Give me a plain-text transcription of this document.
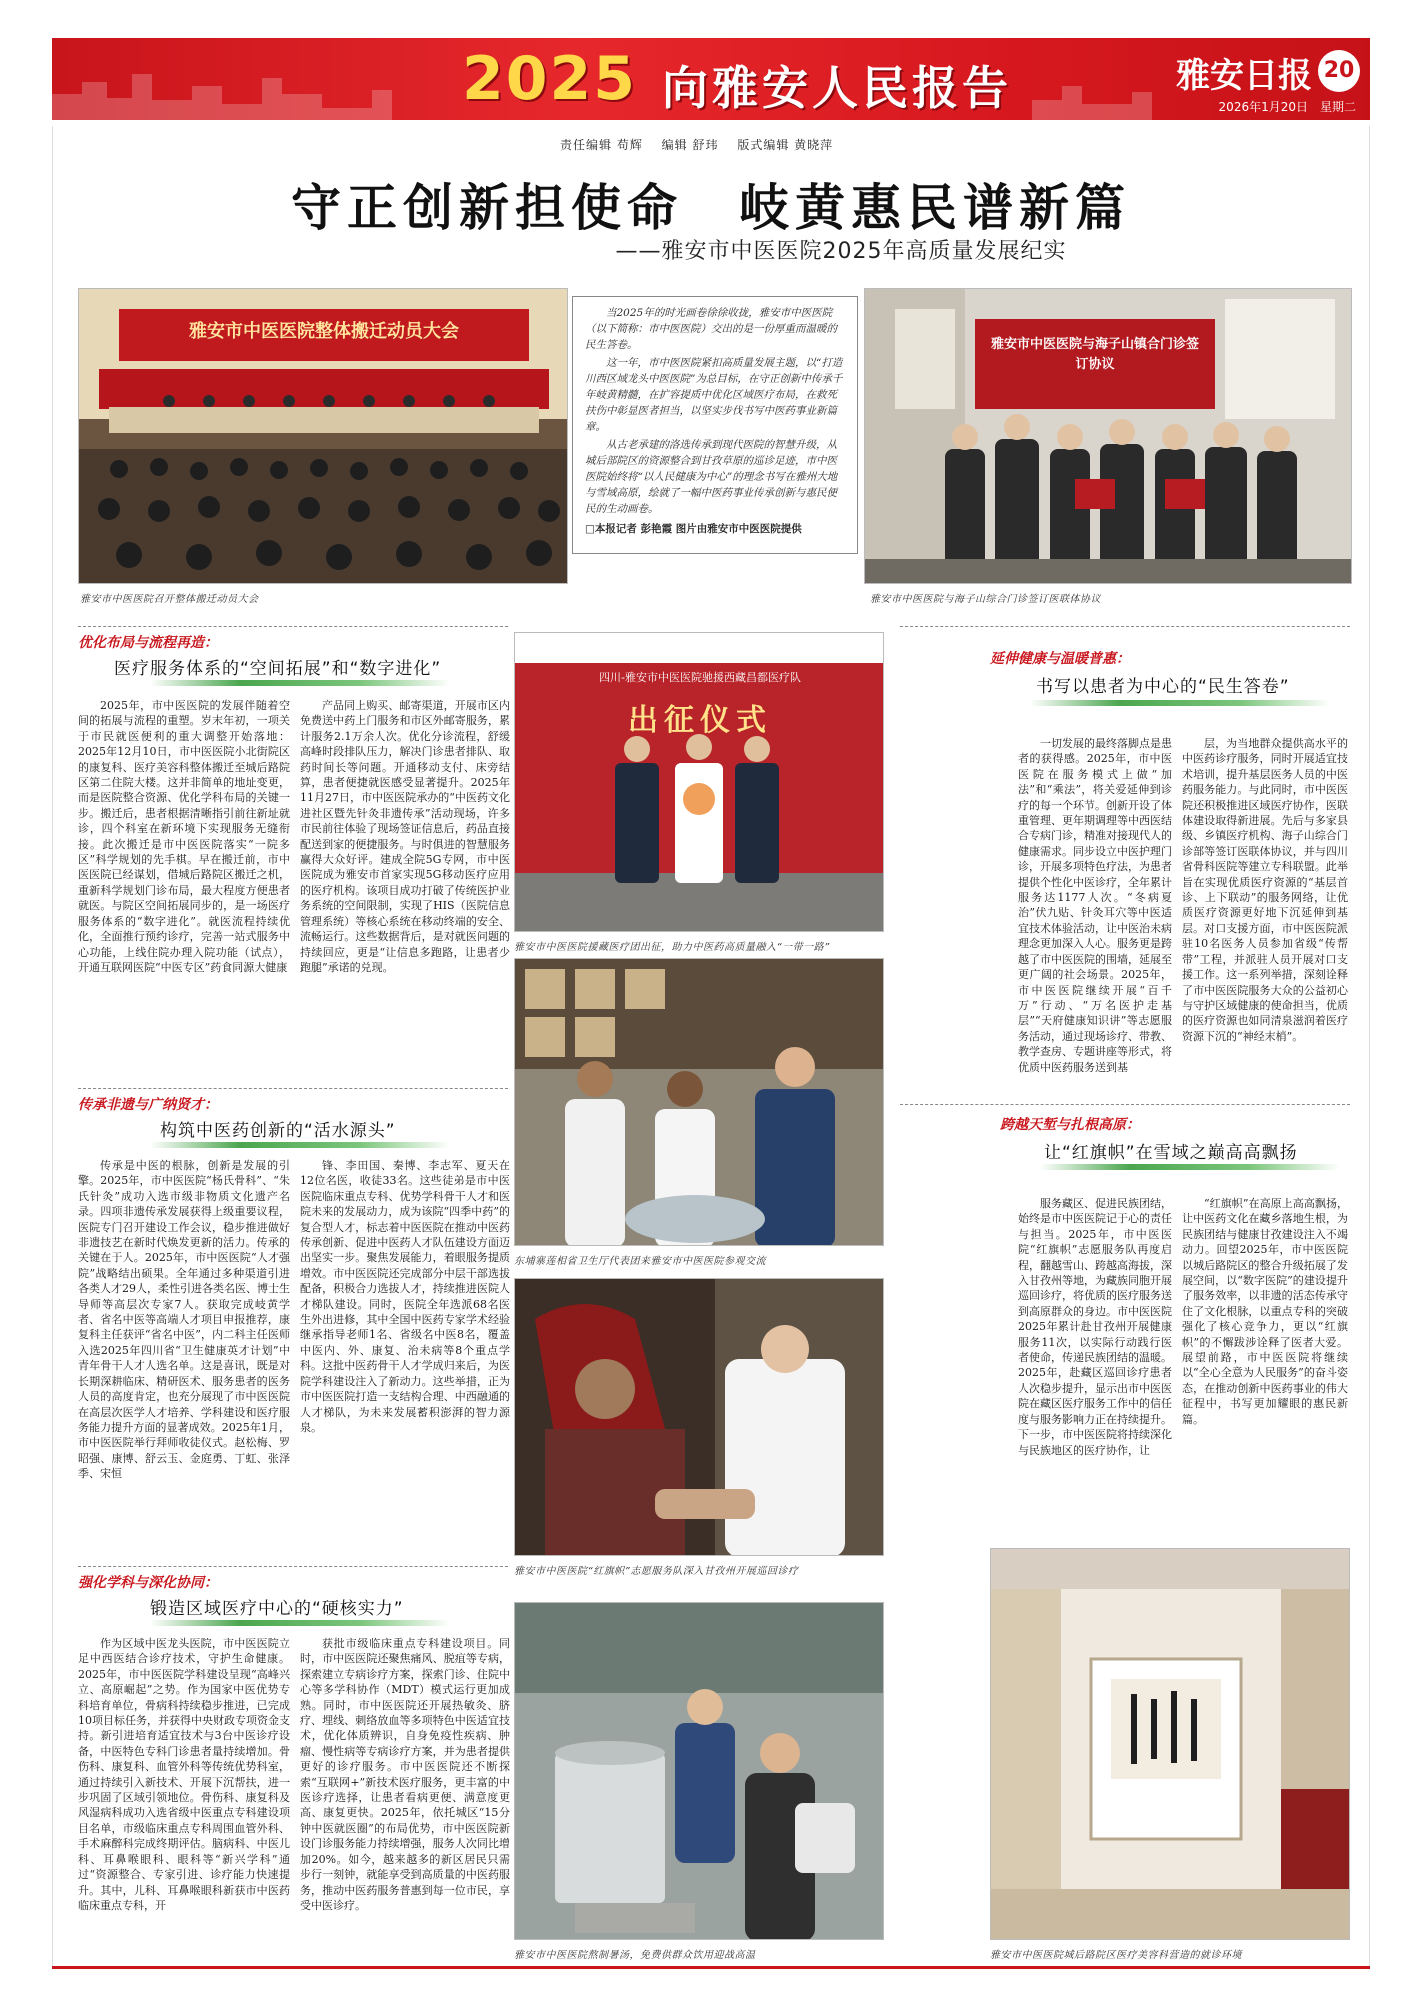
2025 向雅安人民报告	雅安日报 20
2026年1月20日　星期二
责任编辑 苟辉 编辑 舒玮 版式编辑 黄晓萍
守正创新担使命　岐黄惠民谱新篇
——雅安市中医医院2025年高质量发展纪实
雅安市中医医院整体搬迁动员大会
雅安市中医医院召开整体搬迁动员大会

当2025年的时光画卷徐徐收拢，雅安市中医医院（以下简称：市中医医院）交出的是一份厚重而温暖的民生答卷。

这一年，市中医医院紧扣高质量发展主题，以“打造川西区域龙头中医医院”为总目标，在守正创新中传承千年岐黄精髓，在扩容提质中优化区域医疗布局，在救死扶伤中彰显医者担当，以坚实步伐书写中医药事业新篇章。

从古老承建的洛选传承到现代医院的智慧升级，从城后部院区的资源整合到甘孜草原的巡诊足迹，市中医医院始终将“以人民健康为中心”的理念书写在雅州大地与雪域高原，绘就了一幅中医药事业传承创新与惠民便民的生动画卷。

□本报记者 彭艳霞 图片由雅安市中医医院提供
雅安市中医医院与海子山镇合门诊签订协议
雅安市中医医院与海子山综合门诊签订医联体协议
优化布局与流程再造：
医疗服务体系的“空间拓展”和“数字进化”

2025年，市中医医院的发展伴随着空间的拓展与流程的重塑。岁末年初，一项关于市民就医便利的重大调整开始落地：2025年12月10日，市中医医院小北街院区的康复科、医疗美容科整体搬迁至城后路院区第二住院大楼。这并非简单的地址变更，而是医院整合资源、优化学科布局的关键一步。搬迁后，患者根据清晰指引前往新址就诊，四个科室在新环境下实现服务无缝衔接。此次搬迁是市中医医院落实“一院多区”科学规划的先手棋。早在搬迁前，市中医医院已经谋划，借城后路院区搬迁之机，重新科学规划门诊布局，最大程度方便患者就医。与院区空间拓展同步的，是一场医疗服务体系的“数字进化”。就医流程持续优化，全面推行预约诊疗，完善一站式服务中心功能，上线住院办理入院功能（试点），开通互联网医院“中医专区”药食同源大健康

产品同上购买、邮寄渠道，开展市区内免费送中药上门服务和市区外邮寄服务，累计服务2.1万余人次。优化分诊流程，舒缓高峰时段排队压力，解决门诊患者排队、取药时间长等问题。开通移动支付、床旁结算，患者便捷就医感受显著提升。2025年11月27日，市中医医院承办的“中医药文化进社区暨先针灸非遗传承”活动现场，许多市民前往体验了现场签证信息后，药品直接配送到家的便捷服务。与时俱进的智慧服务赢得大众好评。建成全院5G专网，市中医医院成为雅安市首家实现5G移动医疗应用的医疗机构。该项目成功打破了传统医护业务系统的空间限制，实现了HIS（医院信息管理系统）等核心系统在移动终端的安全、流畅运行。这些数据背后，是对就医问题的持续回应，更是“让信息多跑路，让患者少跑腿”承诺的兑现。

传承非遗与广纳贤才：
构筑中医药创新的“活水源头”

传承是中医的根脉，创新是发展的引擎。2025年，市中医医院“杨氏骨科”、“朱氏针灸”成功入选市级非物质文化遗产名录。四项非遗传承发展获得上级重要议程，医院专门召开建设工作会议，稳步推进做好非遗技艺在新时代焕发更新的活力。传承的关键在于人。2025年，市中医医院“人才强院”战略结出硕果。全年通过多种渠道引进各类人才29人，柔性引进各类名医、博士生导师等高层次专家7人。获取完成岐黄学者、省名中医等高端人才项目申报推荐，康复科主任获评“省名中医”，内二科主任医师入选2025年四川省“卫生健康英才计划”中青年骨干人才人选名单。这是喜讯，既是对长期深耕临床、精研医术、服务患者的医务人员的高度肯定，也充分展现了市中医医院在高层次医学人才培养、学科建设和医疗服务能力提升方面的显著成效。2025年1月，市中医医院举行拜师收徒仪式。赵松梅、罗昭强、康博、舒云玉、金庭勇、丁虹、张泽季、宋恒

锋、李田国、秦博、李志军、夏天在12位名医，收徒33名。这些徒弟是市中医医院临床重点专科、优势学科骨干人才和医院未来的发展动力，成为该院“四季中药”的复合型人才，标志着中医医院在推动中医药传承创新、促进中医药人才队伍建设方面迈出坚实一步。聚焦发展能力，着眼服务提质增效。市中医医院还完成部分中层干部选拔配备，积极合力选拔人才，持续推进医院人才梯队建设。同时，医院全年选派68名医生外出进修，其中全国中医药专家学术经验继承指导老师1名、省级名中医8名，覆盖中医内、外、康复、治未病等8个重点学科。这批中医药骨干人才学成归来后，为医院学科建设注入了新动力。这些举措，正为市中医医院打造一支结构合理、中西融通的人才梯队，为未来发展蓄积澎湃的智力源泉。

强化学科与深化协同：
锻造区域医疗中心的“硬核实力”

作为区域中医龙头医院，市中医医院立足中西医结合诊疗技术，守护生命健康。2025年，市中医医院学科建设呈现“高峰兴立、高原崛起”之势。作为国家中医优势专科培育单位，骨病科持续稳步推进，已完成10项目标任务，并获得中央财政专项资金支持。新引进培育适宜技术与3台中医诊疗设备，中医特色专科门诊患者量持续增加。骨伤科、康复科、血管外科等传统优势科室，通过持续引入新技术、开展下沉帮扶，进一步巩固了区域引领地位。骨伤科、康复科及风湿病科成功入选省级中医重点专科建设项目名单，市级临床重点专科周围血管外科、手术麻醉科完成终期评估。脑病科、中医儿科、耳鼻喉眼科、眼科等“新兴学科”通过“资源整合、专家引进、诊疗能力快速提升。其中，儿科、耳鼻喉眼科新获市中医药临床重点专科，开

获批市级临床重点专科建设项目。同时，市中医医院还聚焦痛风、脱疽等专病，探索建立专病诊疗方案，探索门诊、住院中心等多学科协作（MDT）模式运行更加成熟。同时，市中医医院还开展热敏灸、脐疗、埋线、刺络放血等多项特色中医适宜技术，优化体质辨识，自身免疫性疾病、肿瘤、慢性病等专病诊疗方案，并为患者提供更好的诊疗服务。市中医医院还不断探索“互联网+”新技术医疗服务，更丰富的中医诊疗选择，让患者看病更便、满意度更高、康复更快。2025年，依托城区“15分钟中医就医圈”的布局优势，市中医医院新设门诊服务能力持续增强，服务人次同比增加20%。如今，越来越多的新区居民只需步行一刻钟，就能享受到高质量的中医药服务，推动中医药服务普惠到每一位市民，享受中医诊疗。

四川-雅安市中医医院驰援西藏昌都医疗队
出征仪式
雅安市中医医院援藏医疗团出征，助力中医药高质量融入“一带一路”
东埔寨莲相省卫生厅代表团来雅安市中医医院参观交流
雅安市中医医院“红旗帜”志愿服务队深入甘孜州开展巡回诊疗
雅安市中医医院熬制暑汤，免费供群众饮用迎战高温
延伸健康与温暖普惠：
书写以患者为中心的“民生答卷”

一切发展的最终落脚点是患者的获得感。2025年，市中医医院在服务模式上做“加法”和“乘法”，将关爱延伸到诊疗的每一个环节。创新开设了体重管理、更年期调理等中西医结合专病门诊，精准对接现代人的健康需求。同步设立中医护理门诊，开展多项特色疗法，为患者提供个性化中医诊疗，全年累计服务达1177人次。“冬病夏治”伏九贴、针灸耳穴等中医适宜技术体验活动，让中医治未病理念更加深入人心。服务更是跨越了市中医医院的围墙，延展至更广阔的社会场景。2025年，市中医医院继续开展“百千万”行动、“万名医护走基层”“天府健康知识讲”等志愿服务活动，通过现场诊疗、带教、教学查房、专题讲座等形式，将优质中医药服务送到基

层，为当地群众提供高水平的中医药诊疗服务，同时开展适宜技术培训，提升基层医务人员的中医药服务能力。与此同时，市中医医院还积极推进区域医疗协作，医联体建设取得新进展。先后与多家县级、乡镇医疗机构、海子山综合门诊部等签订医联体协议，并与四川省骨科医院等建立专科联盟。此举旨在实现优质医疗资源的“基层首诊、上下联动”的服务网络，让优质医疗资源更好地下沉延伸到基层。对口支援方面，市中医医院派驻10名医务人员参加省级“传帮带”工程，并派驻人员开展对口支援工作。这一系列举措，深刻诠释了市中医医院服务大众的公益初心与守护区域健康的使命担当，优质的医疗资源也如同清泉滋润着医疗资源下沉的“神经末梢”。

跨越天堑与扎根高原：
让“红旗帜”在雪域之巅高高飘扬

服务藏区、促进民族团结，始终是市中医医院记于心的责任与担当。2025年，市中医医院“红旗帜”志愿服务队再度启程，翻越雪山、跨越高海拔，深入甘孜州等地，为藏族同胞开展巡回诊疗，将优质的医疗服务送到高原群众的身边。市中医医院2025年累计赴甘孜州开展健康服务11次，以实际行动践行医者使命，传递民族团结的温暖。2025年，赴藏区巡回诊疗患者人次稳步提升，显示出市中医医院在藏区医疗服务工作中的信任度与服务影响力正在持续提升。下一步，市中医医院将持续深化与民族地区的医疗协作，让

“红旗帜”在高原上高高飘扬，让中医药文化在藏乡落地生根，为民族团结与健康甘孜建设注入不竭动力。回望2025年，市中医医院以城后路院区的整合升级拓展了发展空间，以“数字医院”的建设提升了服务效率，以非遗的活态传承守住了文化根脉，以重点专科的突破强化了核心竞争力，更以“红旗帜”的不懈跋涉诠释了医者大爱。展望前路，市中医医院将继续以“全心全意为人民服务”的奋斗姿态，在推动创新中医药事业的伟大征程中，书写更加耀眼的惠民新篇。

雅安市中医医院城后路院区医疗美容科营造的就诊环境
